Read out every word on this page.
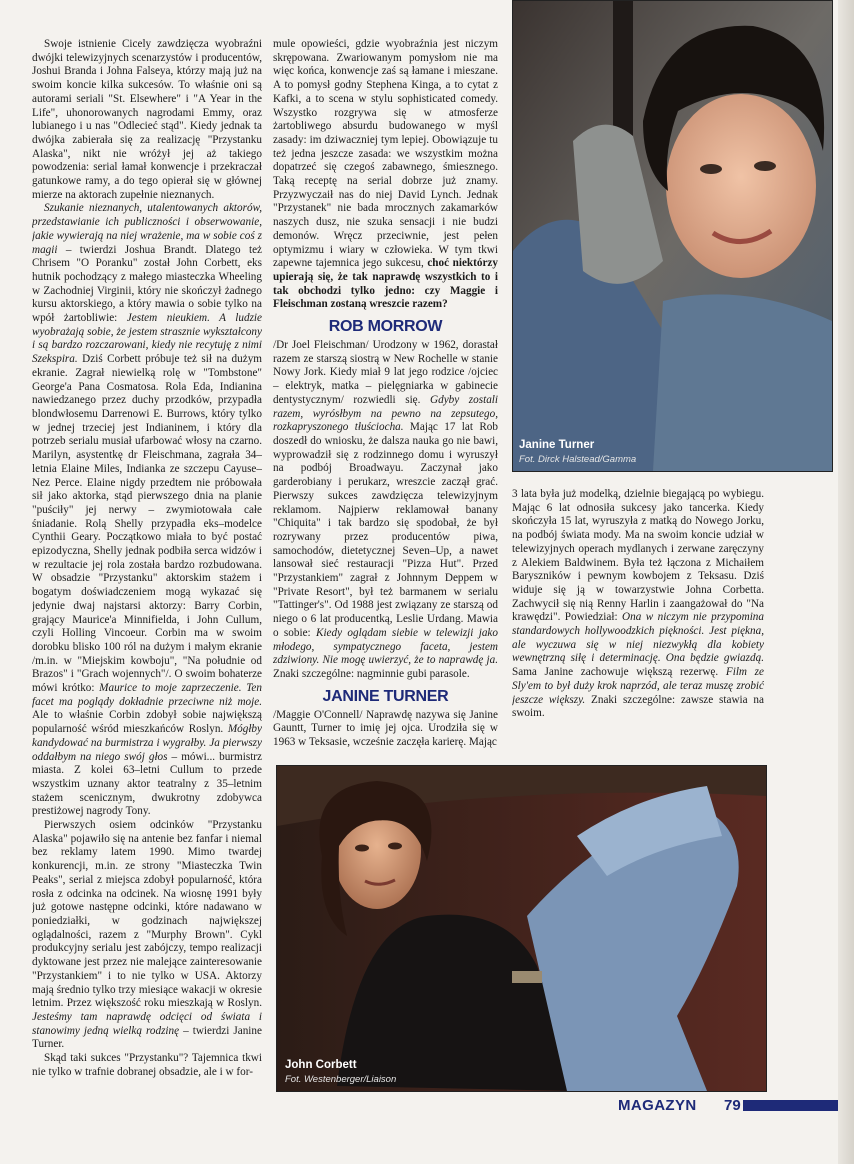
Swoje istnienie Cicely zawdzięcza wyobraźni dwójki telewizyjnych scenarzystów i producentów, Joshui Branda i Johna Falseya, którzy mają już na swoim koncie kilka sukcesów. To właśnie oni są autorami seriali "St. Elsewhere" i "A Year in the Life", uhonorowanych nagrodami Emmy, oraz lubianego i u nas "Odleciеć stąd". Kiedy jednak ta dwójka zabierała się za realizację "Przystanku Alaska", nikt nie wróżył jej aż takiego powodzenia: serial łamał konwencje i przekraczał gatunkowe ramy, a do tego opierał się w głównej mierze na aktorach zupełnie nieznanych.

Szukanie nieznanych, utalentowanych aktorów, przedstawianie ich publiczności i obserwowanie, jakie wywierają na niej wrażenie, ma w sobie coś z magii – twierdzi Joshua Brandt. Dlatego też Chrisem "O Poranku" został John Corbett, eks hutnik pochodzący z małego miasteczka Wheeling w Zachodniej Virginii, który nie skończył żadnego kursu aktorskiego, a który mawia o sobie tylko na wpół żartobliwie: Jestem nieukiem. A ludzie wyobrażają sobie, że jestem strasznie wykształcony i są bardzo rozczarowani, kiedy nie recytuję z nimi Szekspira. Dziś Corbett próbuje też sił na dużym ekranie. Zagrał niewielką rolę w "Tombstone" George'a Pana Cosmatosa. Rola Eda, Indianina nawiedzanego przez duchy przodków, przypadła blondwłosemu Darrenowi E. Burrows, który tylko w jednej trzeciej jest Indianinem, i który dla potrzeb serialu musiał ufarbować włosy na czarno. Marilyn, asystentkę dr Fleischmana, zagrała 34–letnia Elaine Miles, Indianka ze szczepu Cayuse–Nez Perce. Elaine nigdy przedtem nie próbowała sił jako aktorka, stąd pierwszego dnia na planie "puściły" jej nerwy – zwymiotowała całe śniadanie. Rolą Shelly przypadła eks–modelce Cynthii Geary. Początkowo miała to być postać epizodyczna, Shelly jednak podbiła serca widzów i w rezultacie jej rola została bardzo rozbudowana. W obsadzie "Przystanku" aktorskim stażem i bogatym doświadczeniem mogą wykazać się jedynie dwaj najstarsi aktorzy: Barry Corbin, grający Maurice'a Minnifielda, i John Cullum, czyli Holling Vincoeur. Corbin ma w swoim dorobku blisko 100 ról na dużym i małym ekranie /m.in. w "Miejskim kowboju", "Na południe od Brazos" i "Grach wojennych"/. O swoim bohaterze mówi krótko: Maurice to moje zaprzeczenie. Ten facet ma poglądy dokładnie przeciwne niż moje. Ale to właśnie Corbin zdobył sobie największą popularność wśród mieszkańców Roslyn. Mógłby kandydować na burmistrza i wygrałby. Ja pierwszy oddałbym na niego swój głos – mówi... burmistrz miasta. Z kolei 63–letni Cullum to przede wszystkim uznany aktor teatralny z 35–letnim stażem scenicznym, dwukrotny zdobywca prestiżowej nagrody Tony.

Pierwszych osiem odcinków "Przystanku Alaska" pojawiło się na antenie bez fanfar i niemal bez reklamy latem 1990. Mimo twardej konkurencji, m.in. ze strony "Miasteczka Twin Peaks", serial z miejsca zdobył popularność, która rosła z odcinka na odcinek. Na wiosnę 1991 były już gotowe następne odcinki, które nadawano w poniedziałki, w godzinach największej oglądalności, razem z "Murphy Brown". Cykl produkcyjny serialu jest zabójczy, tempo realizacji dyktowane jest przez nie malejące zainteresowanie "Przystankiem" i to nie tylko w USA. Aktorzy mają średnio tylko trzy miesiące wakacji w okresie letnim. Przez większość roku mieszkają w Roslyn. Jesteśmy tam naprawdę odcięci od świata i stanowimy jedną wielką rodzinę – twierdzi Janine Turner.

Skąd taki sukces "Przystanku"? Tajemnica tkwi nie tylko w trafnie dobranej obsadzie, ale i w for-

mule opowieści, gdzie wyobraźnia jest niczym skrępowana. Zwariowanym pomysłom nie ma więc końca, konwencje zaś są łamane i mieszane. A to pomysł godny Stephena Kinga, a to cytat z Kafki, a to scena w stylu sophisticated comedy. Wszystko rozgrywa się w atmosferze żartobliwego absurdu budowanego w myśl zasady: im dziwaczniej tym lepiej. Obowiązuje tu też jedna jeszcze zasada: we wszystkim można dopatrzeć się czegoś zabawnego, śmiesznego. Taką receptę na serial dobrze już znamy. Przyzwyczaił nas do niej David Lynch. Jednak "Przystanek" nie bada mrocznych zakamarków naszych dusz, nie szuka sensacji i nie budzi demonów. Wręcz przeciwnie, jest pełen optymizmu i wiary w człowieka. W tym tkwi zapewne tajemnica jego sukcesu, choć niektórzy upierają się, że tak naprawdę wszystkich to i tak obchodzi tylko jedno: czy Maggie i Fleischman zostaną wreszcie razem?

ROB MORROW

/Dr Joel Fleischman/ Urodzony w 1962, dorastał razem ze starszą siostrą w New Rochelle w stanie Nowy Jork. Kiedy miał 9 lat jego rodzice /ojciec – elektryk, matka – pielęgniarka w gabinecie dentystycznym/ rozwiedli się. Gdyby zostali razem, wyrósłbym na pewno na zepsutego, rozkapryszonego tłuściocha. Mając 17 lat Rob doszedł do wniosku, że dalsza nauka go nie bawi, wyprowadził się z rodzinnego domu i wyruszył na podbój Broadwayu. Zaczynał jako garderobiany i perukarz, wreszcie zaczął grać. Pierwszy sukces zawdzięcza telewizyjnym reklamom. Najpierw reklamował banany "Chiquita" i tak bardzo się spodobał, że był rozrywany przez producentów piwa, samochodów, dietetycznej Seven–Up, a nawet lansował sieć restauracji "Pizza Hut". Przed "Przystankiem" zagrał z Johnnym Deppem w "Private Resort", był też barmanem w serialu "Tattinger's". Od 1988 jest związany ze starszą od niego o 6 lat producentką, Leslie Urdang. Mawia o sobie: Kiedy oglądam siebie w telewizji jako młodego, sympatycznego faceta, jestem zdziwiony. Nie mogę uwierzyć, że to naprawdę ja. Znaki szczególne: nagminnie gubi parasole.

JANINE TURNER

/Maggie O'Connell/ Naprawdę nazywa się Janine Gauntt, Turner to imię jej ojca. Urodziła się w 1963 w Teksasie, wcześnie zaczęła karierę. Mając

3 lata była już modelką, dzielnie biegającą po wybiegu. Mając 6 lat odnosiła sukcesy jako tancerka. Kiedy skończyła 15 lat, wyruszyła z matką do Nowego Jorku, na podbój świata mody. Ma na swoim koncie udział w telewizyjnych operach mydlanych i zerwane zaręczyny z Alekiem Baldwinem. Była też łączona z Michaiłem Baryszników i pewnym kowbojem z Teksasu. Dziś widuje się ją w towarzystwie Johna Corbetta. Zachwycił się nią Renny Harlin i zaangażował do "Na krawędzi". Powiedział: Ona w niczym nie przypomina standardowych hollywoodzkich piękności. Jest piękna, ale wyczuwa się w niej niezwykłą dla kobiety wewnętrzną siłę i determinację. Ona będzie gwiazdą. Sama Janine zachowuje większą rezerwę. Film ze Sly'em to był duży krok naprzód, ale teraz muszę zrobić jeszcze większy. Znaki szczególne: zawsze stawia na swoim.

Janine Turner
Fot. Dirck Halstead/Gamma
John Corbett
Fot. Westenberger/Liaison
MAGAZYN 79
